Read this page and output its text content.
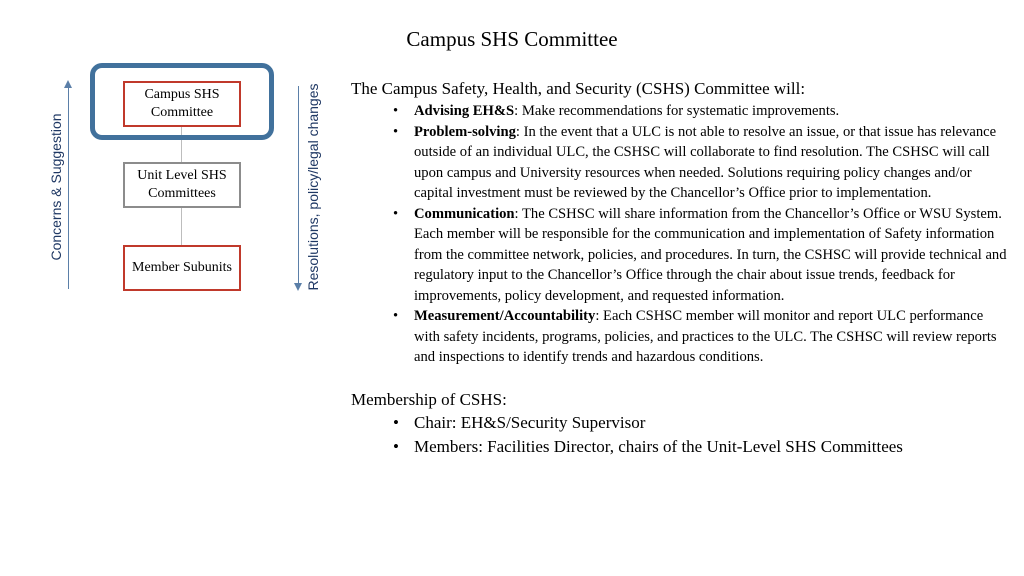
Campus SHS Committee
Campus SHS Committee
Unit Level SHS Committees
Member Subunits
Concerns & Suggestion	Resolutions, policy/legal changes The Campus Safety, Health, and Security (CSHS) Committee will:
• Advising EH&S: Make recommendations for systematic improvements.
• Problem-solving: In the event that a ULC is not able to resolve an issue, or that issue has relevance outside of an individual ULC, the CSHSC will collaborate to find resolution. The CSHSC will call upon campus and University resources when needed. Solutions requiring policy changes and/or capital investment must be reviewed by the Chancellor’s Office prior to implementation.
• Communication: The CSHSC will share information from the Chancellor’s Office or WSU System. Each member will be responsible for the communication and implementation of Safety information from the committee network, policies, and procedures. In turn, the CSHSC will provide technical and regulatory input to the Chancellor’s Office through the chair about issue trends, feedback for improvements, policy development, and requested information.
• Measurement/Accountability: Each CSHSC member will monitor and report ULC performance with safety incidents, programs, policies, and practices to the ULC. The CSHSC will review reports and inspections to identify trends and hazardous conditions.
Membership of CSHS:
• Chair: EH&S/Security Supervisor
• Members: Facilities Director, chairs of the Unit-Level SHS Committees
